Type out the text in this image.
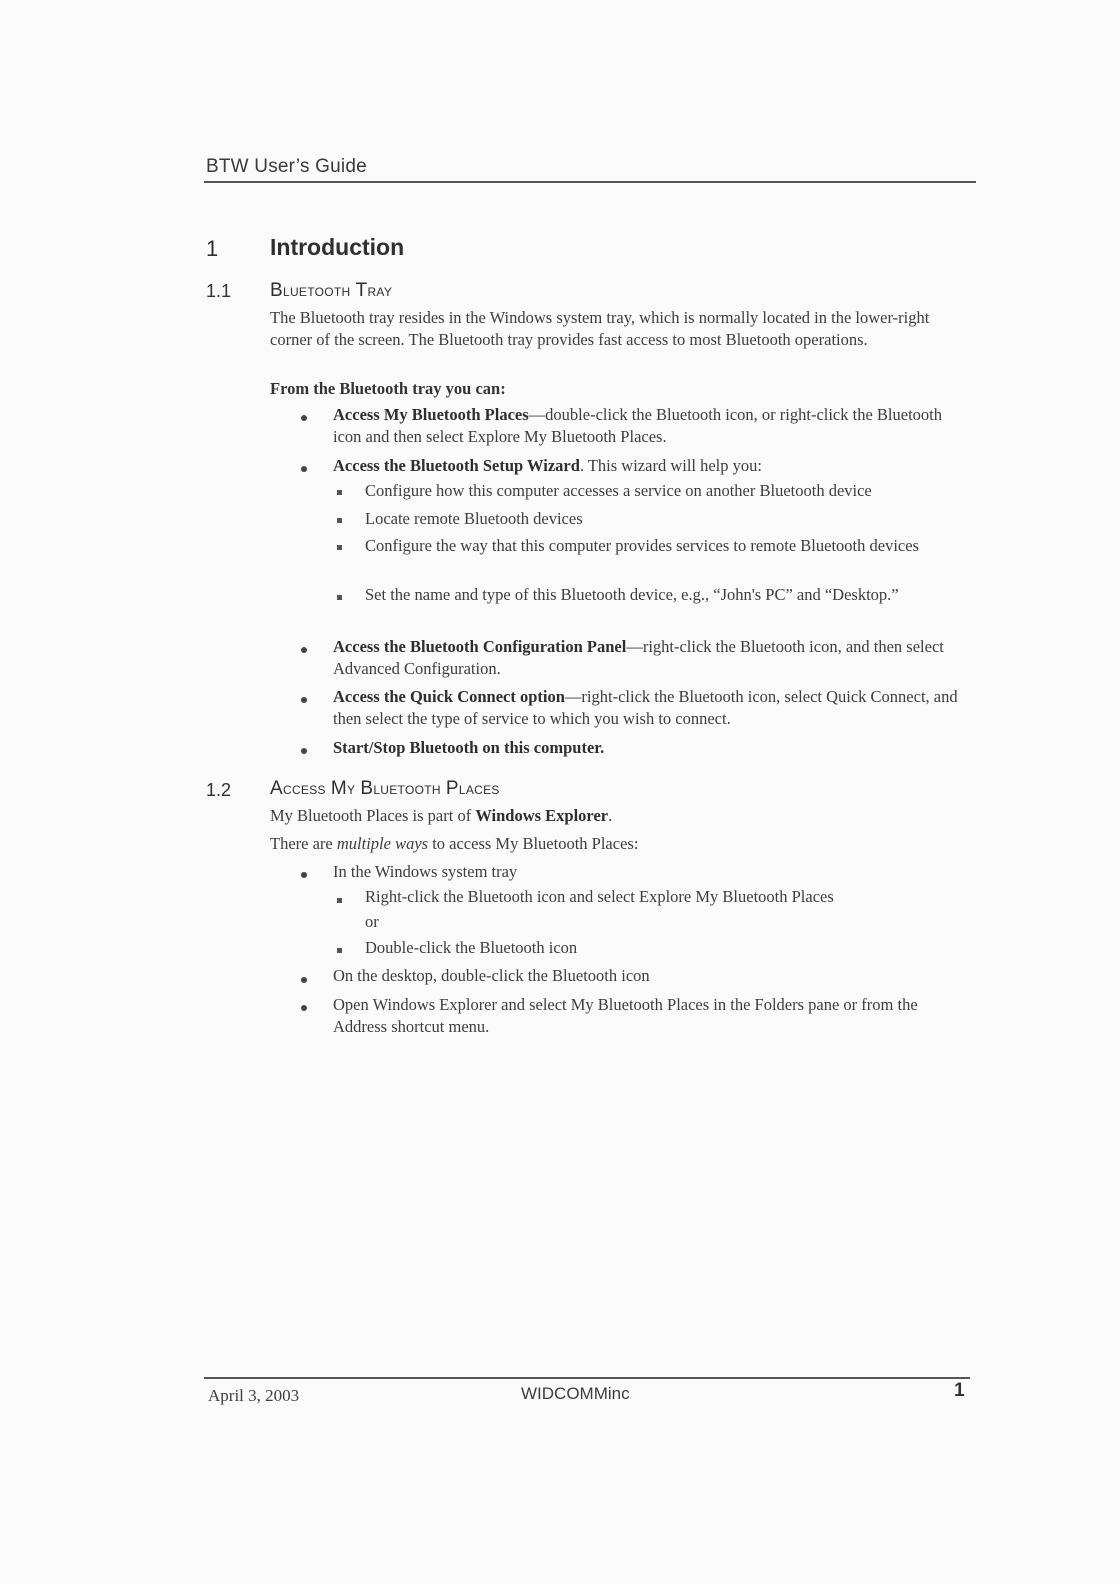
BTW User’s Guide
1 Introduction
1.1 Bluetooth Tray
The Bluetooth tray resides in the Windows system tray, which is normally located in the lower-right corner of the screen. The Bluetooth tray provides fast access to most Bluetooth operations.
From the Bluetooth tray you can:
Access My Bluetooth Places—double-click the Bluetooth icon, or right-click the Bluetooth icon and then select Explore My Bluetooth Places.
Access the Bluetooth Setup Wizard. This wizard will help you:
Configure how this computer accesses a service on another Bluetooth device
Locate remote Bluetooth devices
Configure the way that this computer provides services to remote Bluetooth devices
Set the name and type of this Bluetooth device, e.g., “John's PC” and “Desktop.”
Access the Bluetooth Configuration Panel—right-click the Bluetooth icon, and then select Advanced Configuration.
Access the Quick Connect option—right-click the Bluetooth icon, select Quick Connect, and then select the type of service to which you wish to connect.
Start/Stop Bluetooth on this computer.
1.2 Access My Bluetooth Places
My Bluetooth Places is part of Windows Explorer.
There are multiple ways to access My Bluetooth Places:
In the Windows system tray
Right-click the Bluetooth icon and select Explore My Bluetooth Places
or
Double-click the Bluetooth icon
On the desktop, double-click the Bluetooth icon
Open Windows Explorer and select My Bluetooth Places in the Folders pane or from the Address shortcut menu.
April 3, 2003	WIDCOMMinc	1
